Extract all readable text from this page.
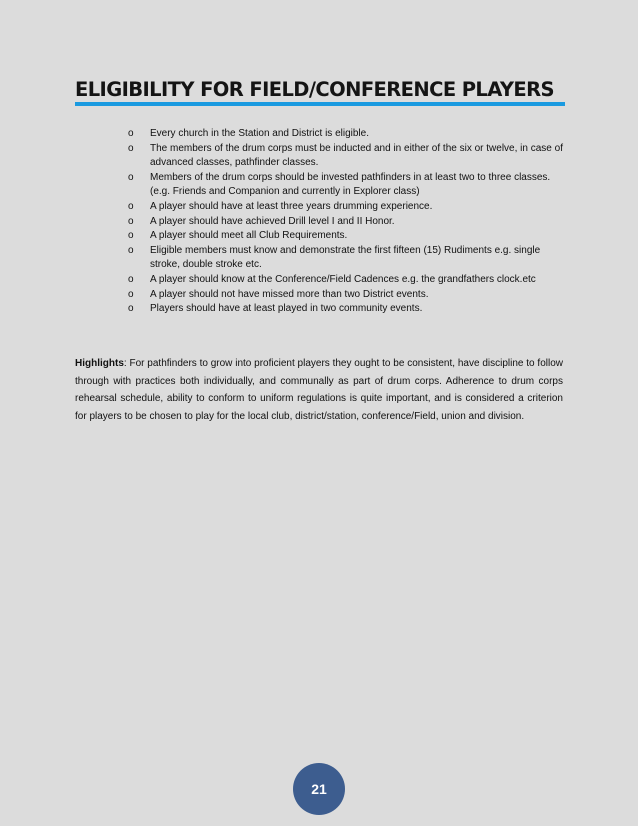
ELIGIBILITY FOR FIELD/CONFERENCE PLAYERS
o Every church in the Station and District is eligible.
o The members of the drum corps must be inducted and in either of the six or twelve, in case of advanced classes, pathfinder classes.
o Members of the drum corps should be invested pathfinders in at least two to three classes.(e.g. Friends and Companion and currently in Explorer class)
o A player should have at least three years drumming experience.
o A player should have achieved Drill level I and II Honor.
o A player should meet all Club Requirements.
o Eligible members must know and demonstrate the first fifteen (15) Rudiments e.g. single stroke, double stroke etc.
o A player should know at the Conference/Field Cadences e.g. the grandfathers clock.etc
o A player should not have missed more than two District events.
o Players should have at least played in two community events.

Highlights: For pathfinders to grow into proficient players they ought to be consistent, have discipline to follow through with practices both individually, and communally as part of drum corps. Adherence to drum corps rehearsal schedule, ability to conform to uniform regulations is quite important, and is considered a criterion for players to be chosen to play for the local club, district/station, conference/Field, union and division.

21
